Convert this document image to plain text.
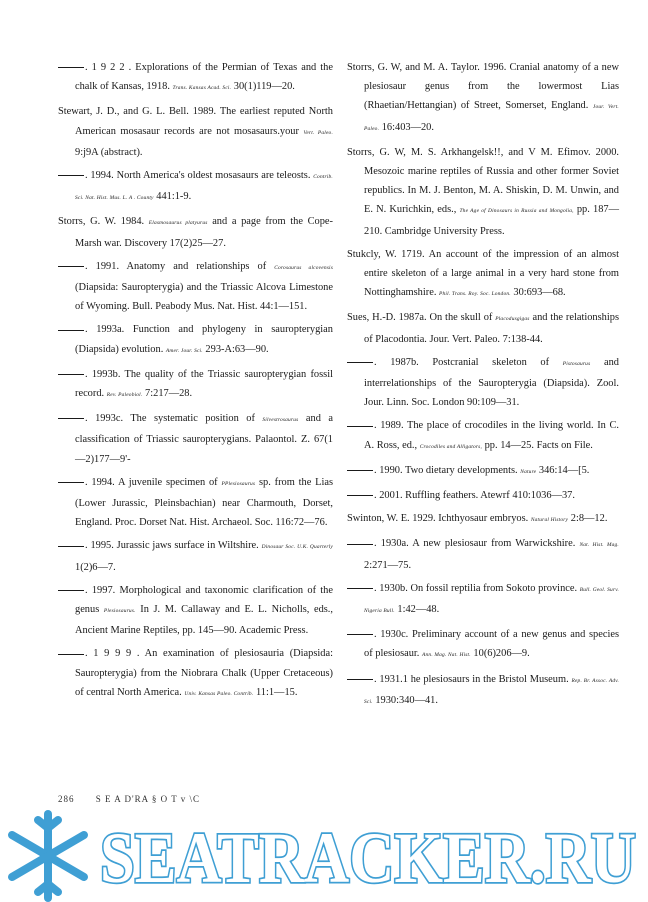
. 1 9 2 2 . Explorations of the Permian of Texas and the chalk of Kansas, 1918. Trans. Kansas Acad. Sci. 30(1)119—20.

Stewart, J. D., and G. L. Bell. 1989. The earliest reputed North American mosasaur records are not mosasaurs.your Vert. Paleo. 9:j9A (abstract).

. 1994. North America's oldest mosasaurs are teleosts. Contrib. Sci. Nat. Hist. Mus. L. A . County 441:1-9.

Storrs, G. W. 1984. Elasmosaurus platyurus and a page from the Cope-Marsh war. Discovery 17(2)25—27.

. 1991. Anatomy and relationships of Corosaurus alcovensis (Diapsida: Sauropterygia) and the Triassic Alcova Limestone of Wyoming. Bull. Peabody Mus. Nat. Hist. 44:1—151.

. 1993a. Function and phylogeny in sauropterygian (Diapsida) evolution. Amer. Jour. Sci. 293-A:63—90.

. 1993b. The quality of the Triassic sauropterygian fossil record. Rev. Paleobiol. 7:217—28.

. 1993c. The systematic position of Silvestrosaurus and a classification of Triassic sauropterygians. Palaontol. Z. 67(1—2)177—9'-

. 1994. A juvenile specimen of PPlesiosaurus sp. from the Lias (Lower Jurassic, Pleinsbachian) near Charmouth, Dorset, England. Proc. Dorset Nat. Hist. Archaeol. Soc. 116:72—76.

. 1995. Jurassic jaws surface in Wiltshire. Dinosaur Soc. U.K. Quarterly 1(2)6—7.

. 1997. Morphological and taxonomic clarification of the genus Plesiosaurus. In J. M. Callaway and E. L. Nicholls, eds., Ancient Marine Reptiles, pp. 145—90. Academic Press.

. 1 9 9 9 . An examination of plesiosauria (Diapsida: Sauropterygia) from the Niobrara Chalk (Upper Cretaceous) of central North America. Univ. Kansas Paleo. Contrib. 11:1—15.

Storrs, G. W, and M. A. Taylor. 1996. Cranial anatomy of a new plesiosaur genus from the lowermost Lias (Rhaetian/Hettangian) of Street, Somerset, England. Jour. Vert. Paleo. 16:403—20.

Storrs, G. W, M. S. Arkhangelsk!!, and V M. Efimov. 2000. Mesozoic marine reptiles of Russia and other former Soviet republics. In M. J. Benton, M. A. Shiskin, D. M. Unwin, and E. N. Kurichkin, eds., The Age of Dinosaurs in Russia and Mongolia, pp. 187—210. Cambridge University Press.

Stukcly, W. 1719. An account of the impression of an almost entire skeleton of a large animal in a very hard stone from Nottinghamshire. Phil. Trans. Roy. Soc. London. 30:693—68.

Sues, H.-D. 1987a. On the skull of Placodusgigas and the relationships of Placodontia. Jour. Vert. Paleo. 7:138-44.

. 1987b. Postcranial skeleton of	Pistosaurus and interrelationships of the Sauropterygia (Diapsida). Zool. Jour. Linn. Soc. London 90:109—31.

. 1989. The place of crocodiles in the living world. In C. A. Ross, ed., Crocodiles and Alligators, pp. 14—25. Facts on File.

. 1990. Two dietary developments. Nature 346:14—[5.

. 2001. Ruffling feathers. Atewrf 410:1036—37.

Swinton, W. E. 1929. Ichthyosaur embryos. Natural History 2:8—12.

. 1930a. A new plesiosaur from Warwickshire. Nat. Hist. Mag. 2:271—75.

. 1930b. On fossil reptilia from Sokoto province. Bull. Geol. Surv. Nigeria Bull. 1:42—48.

. 1930c. Preliminary account of a new genus and species of plesiosaur. Ann. Mag. Nat. Hist. 10(6)206—9.

. 1931.1 he plesiosaurs in the Bristol Museum. Rep. Br. Assoc. Adv. Sci. 1930:340—41.

286 S E A D'RA § O T v \C
SEATRACKER.RU
